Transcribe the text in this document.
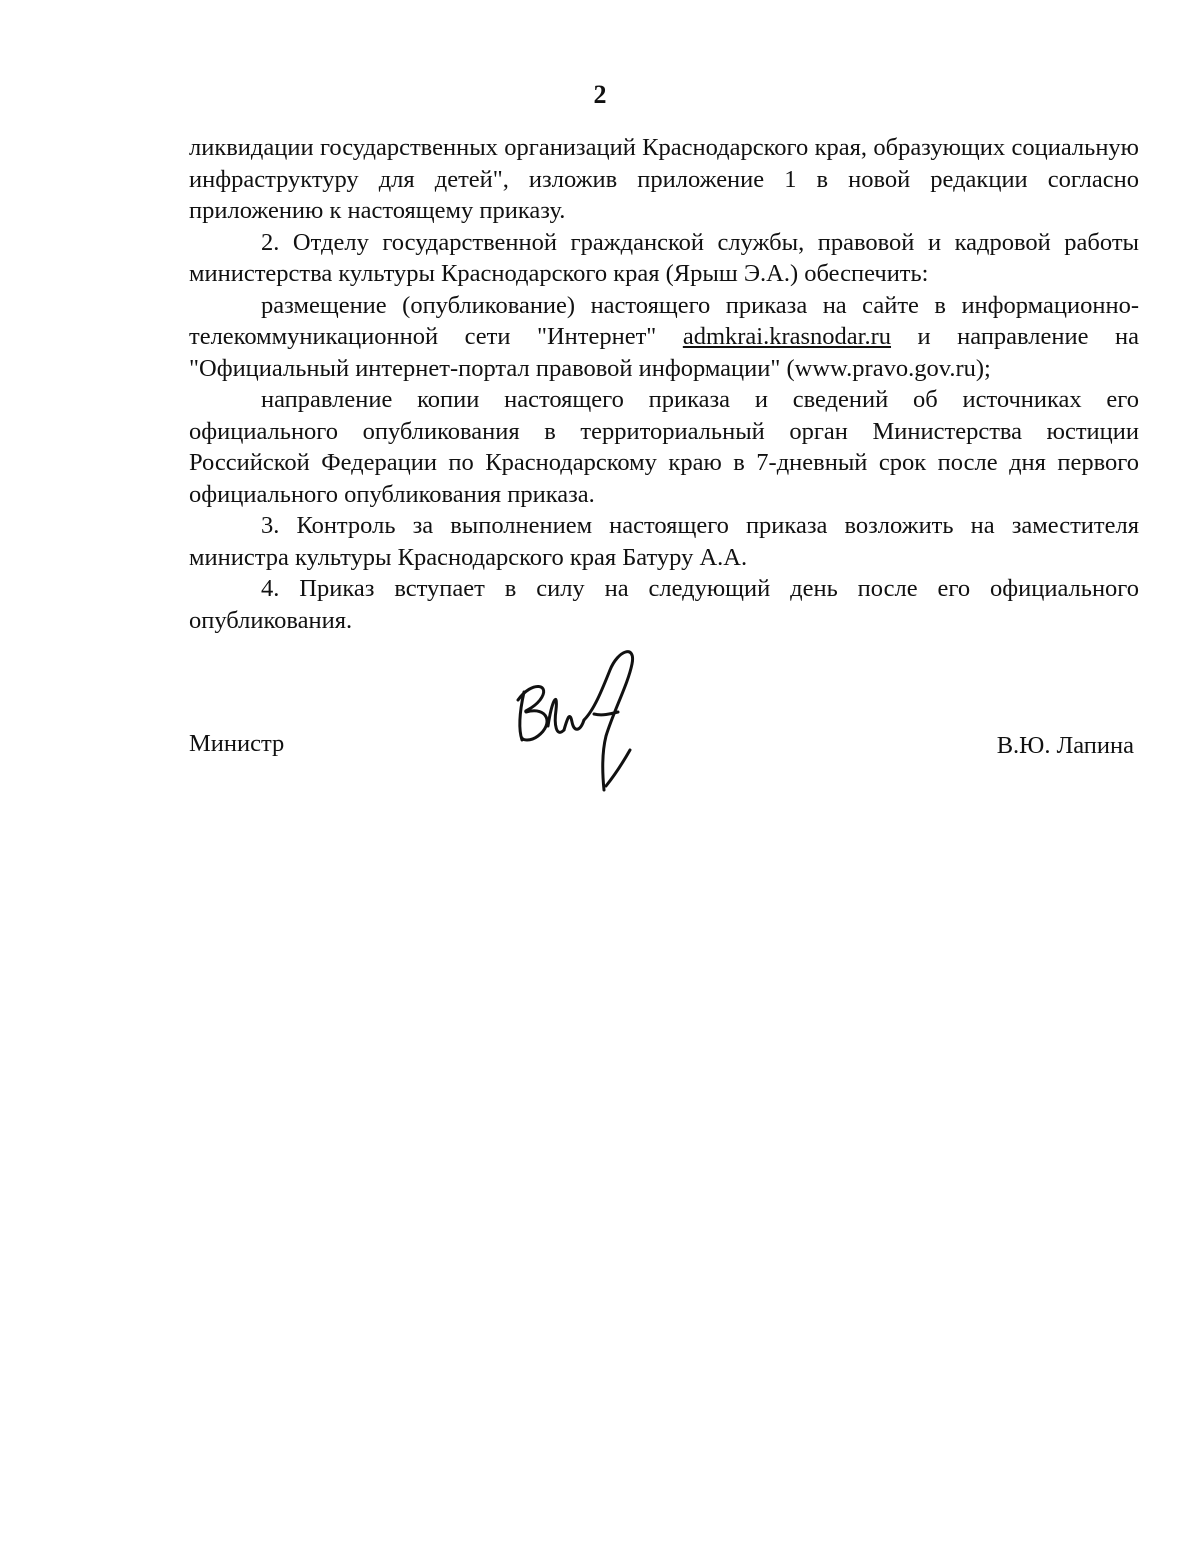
2

ликвидации государственных организаций Краснодарского края, образующих социальную инфраструктуру для детей", изложив приложение 1 в новой редакции согласно приложению к настоящему приказу.

2. Отделу государственной гражданской службы, правовой и кадровой работы министерства культуры Краснодарского края (Ярыш Э.А.) обеспечить:

размещение (опубликование) настоящего приказа на сайте в информационно-телекоммуникационной сети "Интернет" admkrai.krasnodar.ru и направление на "Официальный интернет-портал правовой информации" (www.pravo.gov.ru);

направление копии настоящего приказа и сведений об источниках его официального опубликования в территориальный орган Министерства юстиции Российской Федерации по Краснодарскому краю в 7-дневный срок после дня первого официального опубликования приказа.

3. Контроль за выполнением настоящего приказа возложить на заместителя министра культуры Краснодарского края Батуру А.А.

4. Приказ вступает в силу на следующий день после его официального опубликования.

Министр	В.Ю. Лапина
